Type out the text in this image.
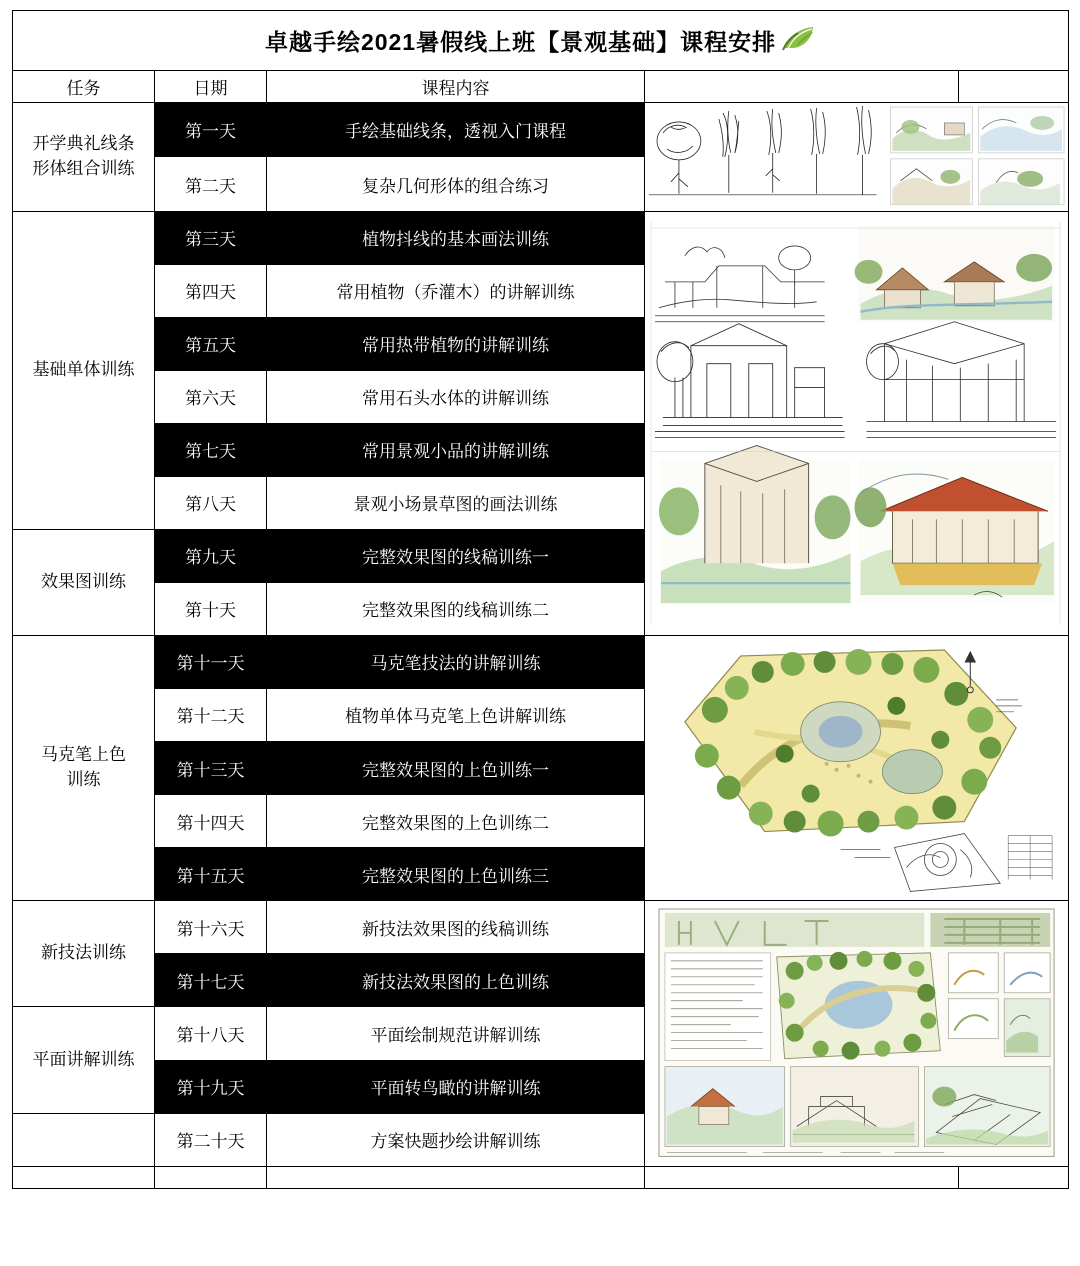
卓越手绘2021暑假线上班【景观基础】课程安排				

任务	日期	课程内容		

开学典礼线条
形体组合训练	第一天	手绘基础线条，透视入门课程	

	第二天	复杂几何形体的组合练习		
基础单体训练	第三天	植物抖线的基本画法训练	

	第四天	常用植物（乔灌木）的讲解训练		
	第五天	常用热带植物的讲解训练		
	第六天	常用石头水体的讲解训练		
	第七天	常用景观小品的讲解训练		
	第八天	景观小场景草图的画法训练		
效果图训练	第九天	完整效果图的线稿训练一		
	第十天	完整效果图的线稿训练二		

马克笔上色
训练	第十一天	马克笔技法的讲解训练	

	第十二天	植物单体马克笔上色讲解训练		
	第十三天	完整效果图的上色训练一		
	第十四天	完整效果图的上色训练二		
	第十五天	完整效果图的上色训练三		
新技法训练	第十六天	新技法效果图的线稿训练	

	第十七天	新技法效果图的上色训练		
平面讲解训练	第十八天	平面绘制规范讲解训练		
	第十九天	平面转鸟瞰的讲解训练		
	第二十天	方案快题抄绘讲解训练		
